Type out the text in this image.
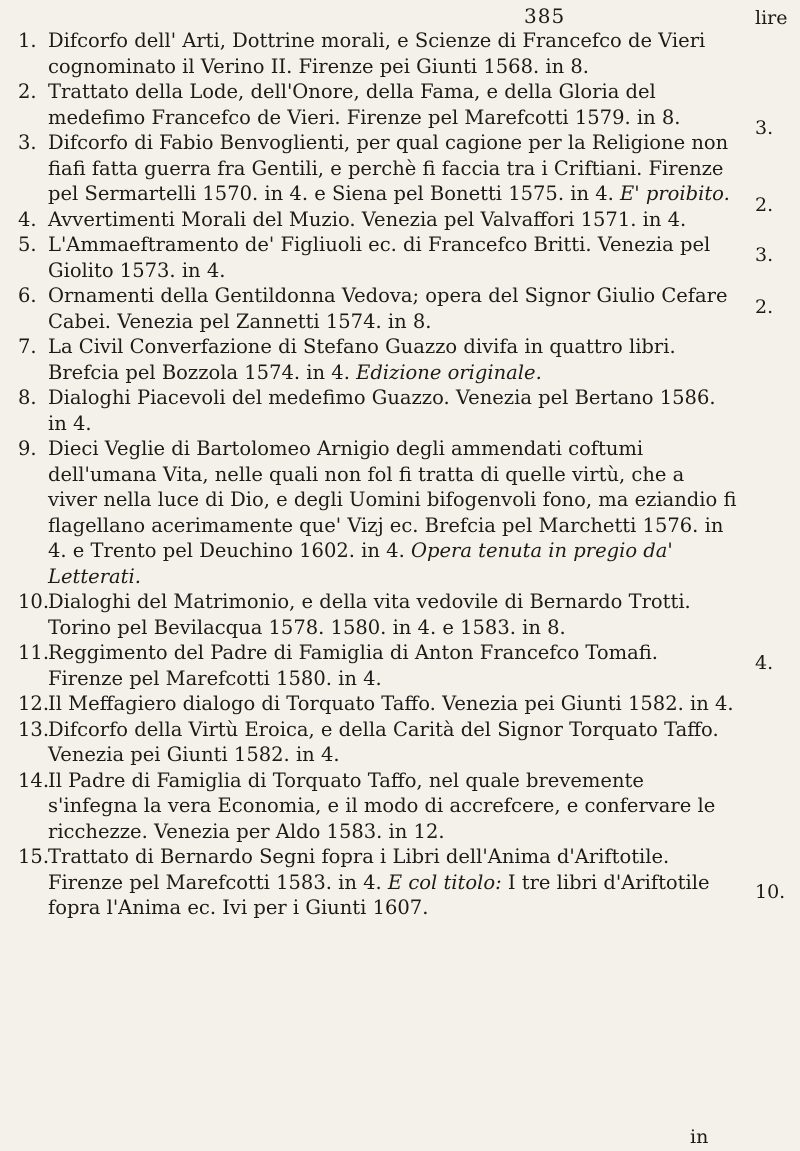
385

1. Difcorfo dell' Arti, Dottrine morali, e Scienze di Francefco de Vieri cognominato il Verino II. Firenze pei Giunti 1568. in 8.

2. Trattato della Lode, dell'Onore, della Fama, e della Gloria del medefimo Francefco de Vieri. Firenze pel Marefcotti 1579. in 8.

3. Difcorfo di Fabio Benvoglienti, per qual cagione per la Religione non fiafi fatta guerra fra Gentili, e perchè fi faccia tra i Criftiani. Firenze pel Sermartelli 1570. in 4. e Siena pel Bonetti 1575. in 4. E' proibito.

4. Avvertimenti Morali del Muzio. Venezia pel Valvaffori 1571. in 4.

5. L'Ammaeftramento de' Figliuoli ec. di Francefco Britti. Venezia pel Giolito 1573. in 4.

6. Ornamenti della Gentildonna Vedova; opera del Signor Giulio Cefare Cabei. Venezia pel Zannetti 1574. in 8.

7. La Civil Converfazione di Stefano Guazzo divifa in quattro libri. Brefcia pel Bozzola 1574. in 4. Edizione originale.

8. Dialoghi Piacevoli del medefimo Guazzo. Venezia pel Bertano 1586. in 4.

9. Dieci Veglie di Bartolomeo Arnigio degli ammendati coftumi dell'umana Vita, nelle quali non fol fi tratta di quelle virtù, che a viver nella luce di Dio, e degli Uomini bifogenvoli fono, ma eziandio fi flagellano acerimamente que' Vizj ec. Brefcia pel Marchetti 1576. in 4. e Trento pel Deuchino 1602. in 4. Opera tenuta in pregio da' Letterati.

10.
Dialoghi del Matrimonio, e della vita vedovile di Bernardo Trotti. Torino pel Bevilacqua 1578. 1580. in 4. e 1583. in 8.

11.
Reggimento del Padre di Famiglia di Anton Francefco Tomafi. Firenze pel Marefcotti 1580. in 4.

12.
Il Meffagiero dialogo di Torquato Taffo. Venezia pei Giunti 1582. in 4.

13.
Difcorfo della Virtù Eroica, e della Carità del Signor Torquato Taffo. Venezia pei Giunti 1582. in 4.

14.
Il Padre di Famiglia di Torquato Taffo, nel quale brevemente s'infegna la vera Economia, e il modo di accrefcere, e confervare le ricchezze. Venezia per Aldo 1583. in 12.

15.
Trattato di Bernardo Segni fopra i Libri dell'Anima d'Ariftotile. Firenze pel Marefcotti 1583. in 4. E col titolo: I tre libri d'Ariftotile fopra l'Anima ec. Ivi per i Giunti 1607.

lire
3.
2.
3.
2.
4.
10.
in
